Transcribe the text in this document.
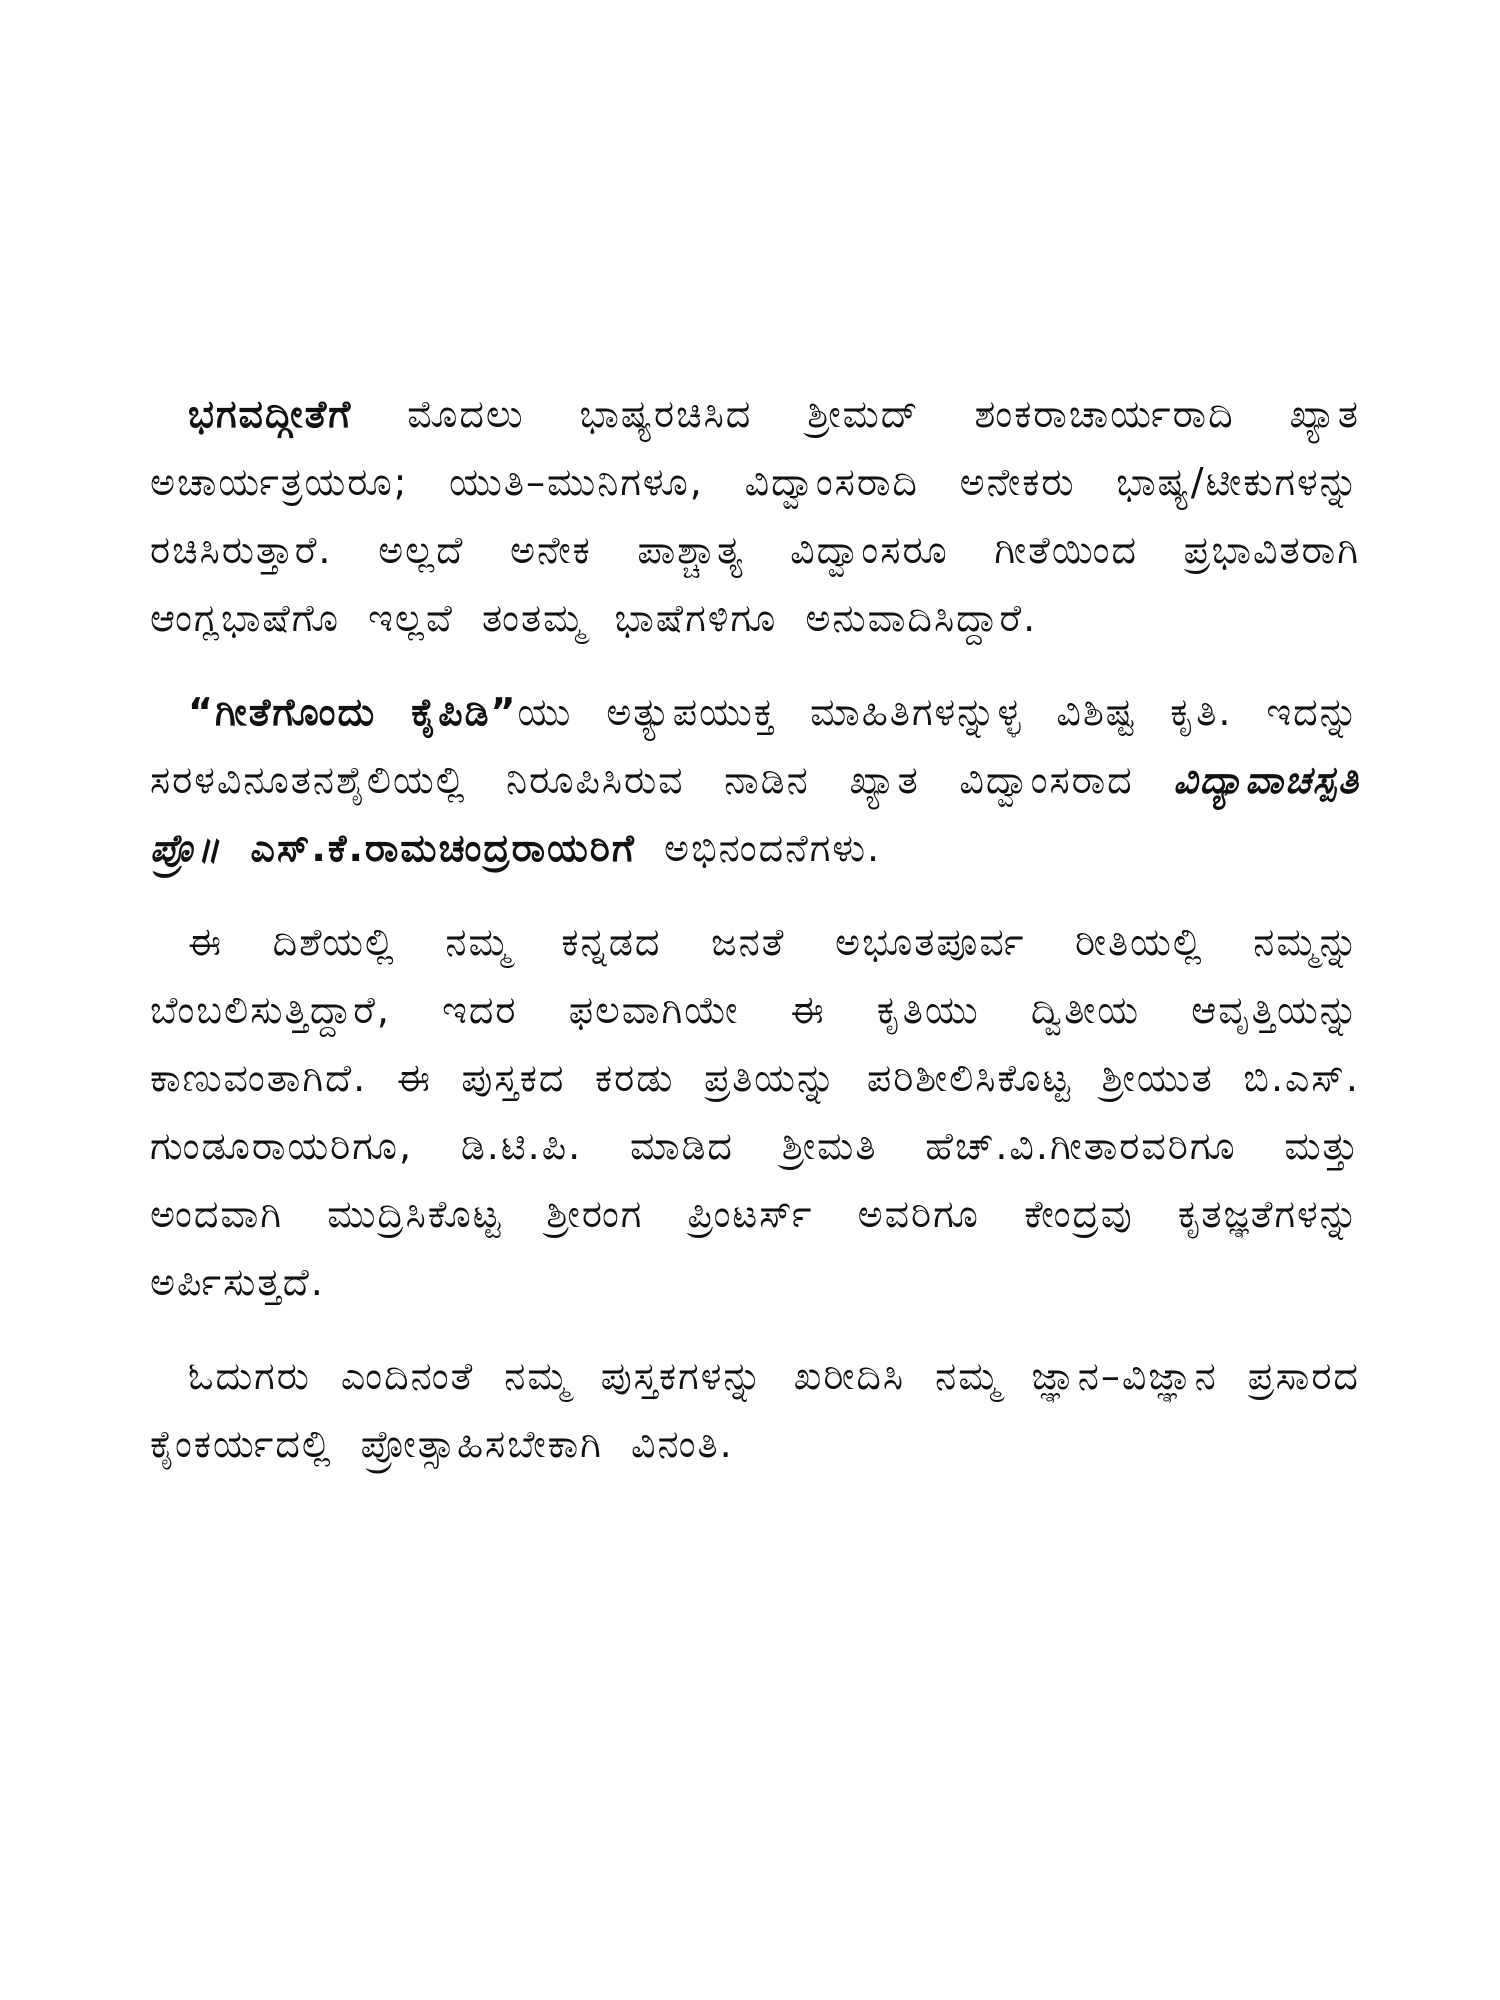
ಭಗವದ್ಗೀತೆಗೆ ಮೊದಲು ಭಾಷ್ಯರಚಿಸಿದ ಶ್ರೀಮದ್ ಶಂಕರಾಚಾರ್ಯರಾದಿ ಖ್ಯಾತ ಅಚಾರ್ಯತ್ರಯರೂ; ಯುತಿ–ಮುನಿಗಳೂ, ವಿದ್ವಾಂಸರಾದಿ ಅನೇಕರು ಭಾಷ್ಯ/ಟೀಕುಗಳನ್ನು ರಚಿಸಿರುತ್ತಾರೆ. ಅಲ್ಲದೆ ಅನೇಕ ಪಾಶ್ಚಾತ್ಯ ವಿದ್ವಾಂಸರೂ ಗೀತೆಯಿಂದ ಪ್ರಭಾವಿತರಾಗಿ ಆಂಗ್ಲಭಾಷೆಗೊ ಇಲ್ಲವೆ ತಂತಮ್ಮ ಭಾಷೆಗಳಿಗೂ ಅನುವಾದಿಸಿದ್ದಾರೆ.

“ಗೀತೆಗೊಂದು ಕೈಪಿಡಿ”ಯು ಅತ್ಯುಪಯುಕ್ತ ಮಾಹಿತಿಗಳನ್ನುಳ್ಳ ವಿಶಿಷ್ಟ ಕೃತಿ. ಇದನ್ನು ಸರಳವಿನೂತನಶೈಲಿಯಲ್ಲಿ ನಿರೂಪಿಸಿರುವ ನಾಡಿನ ಖ್ಯಾತ ವಿದ್ವಾಂಸರಾದ ವಿದ್ಯಾವಾಚಸ್ಪತಿ ಪ್ರೊ॥ ಎಸ್.ಕೆ.ರಾಮಚಂದ್ರರಾಯರಿಗೆ ಅಭಿನಂದನೆಗಳು.

ಈ ದಿಶೆಯಲ್ಲಿ ನಮ್ಮ ಕನ್ನಡದ ಜನತೆ ಅಭೂತಪೂರ್ವ ರೀತಿಯಲ್ಲಿ ನಮ್ಮನ್ನು ಬೆಂಬಲಿಸುತ್ತಿದ್ದಾರೆ, ಇದರ ಫಲವಾಗಿಯೇ ಈ ಕೃತಿಯು ದ್ವಿತೀಯ ಆವೃತ್ತಿಯನ್ನು ಕಾಣುವಂತಾಗಿದೆ. ಈ ಪುಸ್ತಕದ ಕರಡು ಪ್ರತಿಯನ್ನು ಪರಿಶೀಲಿಸಿಕೊಟ್ಟ ಶ್ರೀಯುತ ಬಿ.ಎಸ್. ಗುಂಡೂರಾಯರಿಗೂ, ಡಿ.ಟಿ.ಪಿ. ಮಾಡಿದ ಶ್ರೀಮತಿ ಹೆಚ್.ವಿ.ಗೀತಾರವರಿಗೂ ಮತ್ತು ಅಂದವಾಗಿ ಮುದ್ರಿಸಿಕೊಟ್ಟ ಶ್ರೀರಂಗ ಪ್ರಿಂಟರ್ಸ್ ಅವರಿಗೂ ಕೇಂದ್ರವು ಕೃತಜ್ಞತೆಗಳನ್ನು ಅರ್ಪಿಸುತ್ತದೆ.

ಓದುಗರು ಎಂದಿನಂತೆ ನಮ್ಮ ಪುಸ್ತಕಗಳನ್ನು ಖರೀದಿಸಿ ನಮ್ಮ ಜ್ಞಾನ–ವಿಜ್ಞಾನ ಪ್ರಸಾರದ ಕೈಂಕರ್ಯದಲ್ಲಿ ಪ್ರೋತ್ಸಾಹಿಸಬೇಕಾಗಿ ವಿನಂತಿ.
